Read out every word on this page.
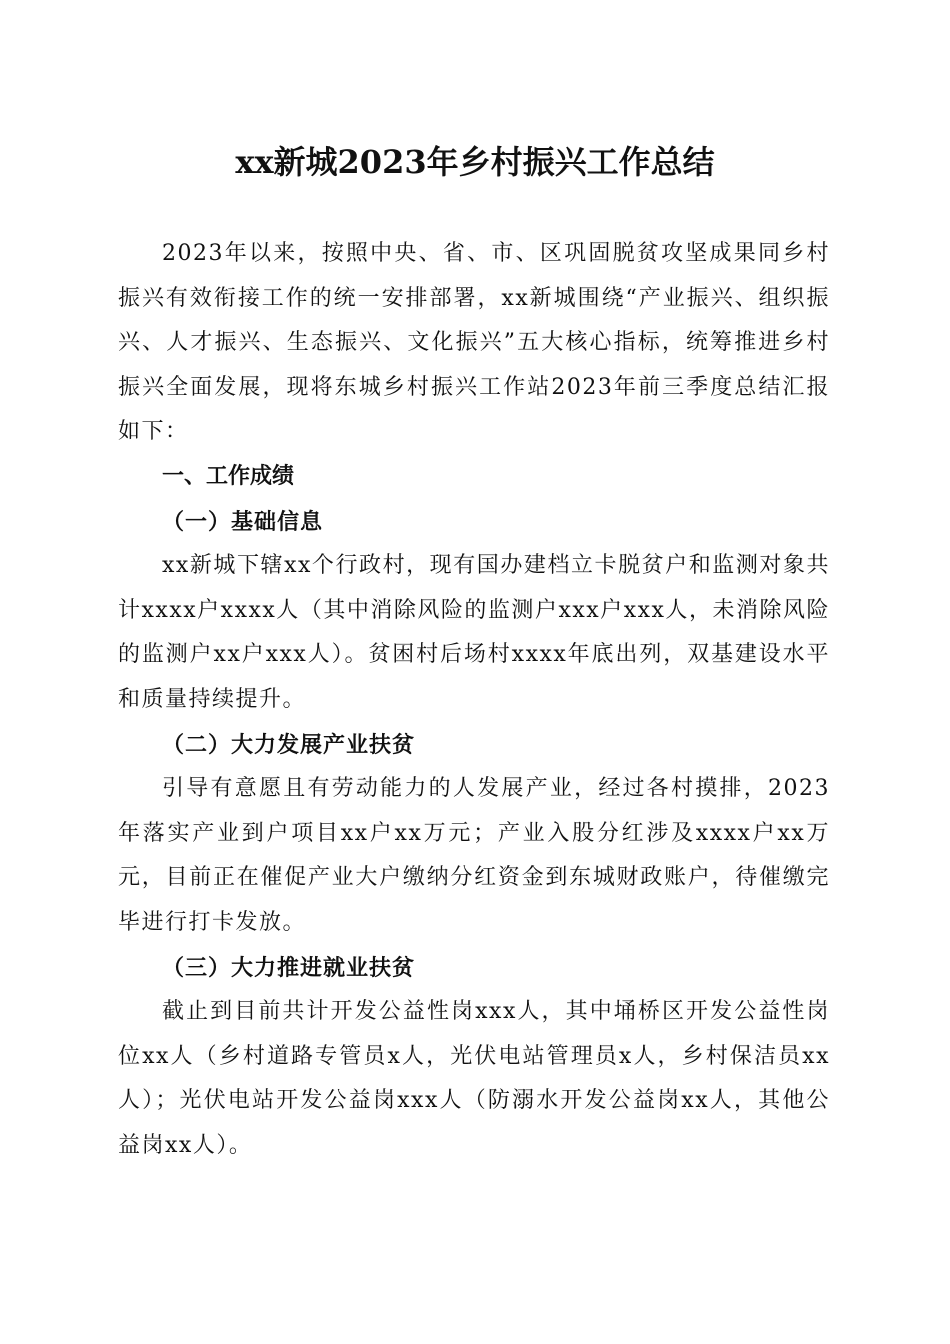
xx新城2023年乡村振兴工作总结

2023年以来，按照中央、省、市、区巩固脱贫攻坚成果同乡村振兴有效衔接工作的统一安排部署，xx新城围绕“产业振兴、组织振兴、人才振兴、生态振兴、文化振兴”五大核心指标，统筹推进乡村振兴全面发展，现将东城乡村振兴工作站2023年前三季度总结汇报如下：

一、工作成绩

（一）基础信息

xx新城下辖xx个行政村，现有国办建档立卡脱贫户和监测对象共计xxxx户xxxx人（其中消除风险的监测户xxx户xxx人，未消除风险的监测户xx户xxx人）。贫困村后场村xxxx年底出列，双基建设水平和质量持续提升。

（二）大力发展产业扶贫

引导有意愿且有劳动能力的人发展产业，经过各村摸排，2023年落实产业到户项目xx户xx万元；产业入股分红涉及xxxx户xx万元，目前正在催促产业大户缴纳分红资金到东城财政账户，待催缴完毕进行打卡发放。

（三）大力推进就业扶贫

截止到目前共计开发公益性岗xxx人，其中埇桥区开发公益性岗位xx人（乡村道路专管员x人，光伏电站管理员x人，乡村保洁员xx人）；光伏电站开发公益岗xxx人（防溺水开发公益岗xx人，其他公益岗xx人）。
